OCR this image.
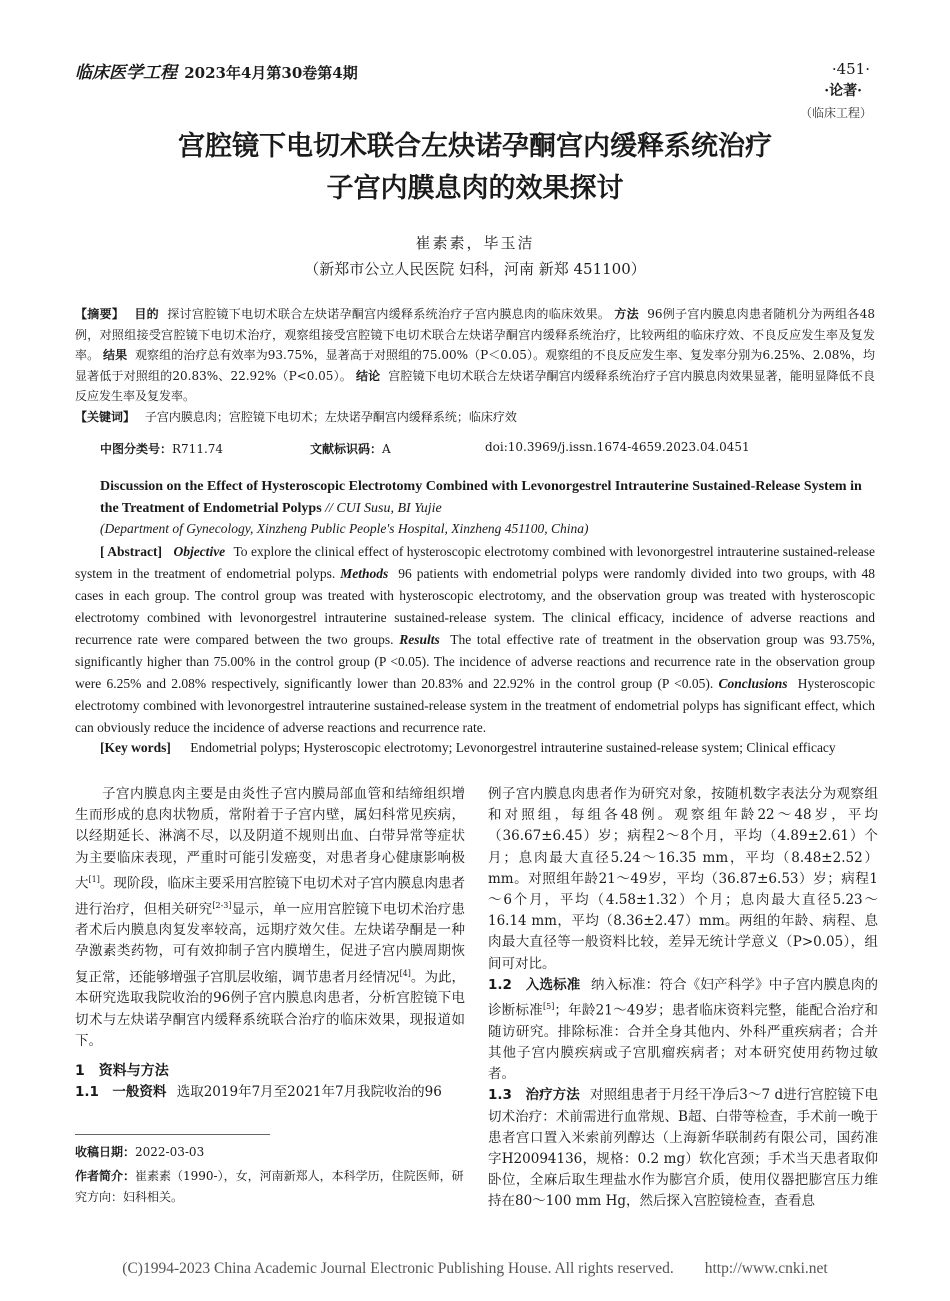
临床医学工程 2023年4月第30卷第4期	·451·
·论著·
（临床工程）
宫腔镜下电切术联合左炔诺孕酮宫内缓释系统治疗
子宫内膜息肉的效果探讨
崔素素，毕玉洁
（新郑市公立人民医院 妇科，河南 新郑 451100）
【摘要】 目的 探讨宫腔镜下电切术联合左炔诺孕酮宫内缓释系统治疗子宫内膜息肉的临床效果。 方法 96例子宫内膜息肉患者随机分为两组各48例，对照组接受宫腔镜下电切术治疗，观察组接受宫腔镜下电切术联合左炔诺孕酮宫内缓释系统治疗，比较两组的临床疗效、不良反应发生率及复发率。 结果 观察组的治疗总有效率为93.75%，显著高于对照组的75.00%（P＜0.05）。观察组的不良反应发生率、复发率分别为6.25%、2.08%，均显著低于对照组的20.83%、22.92%（P<0.05）。 结论 宫腔镜下电切术联合左炔诺孕酮宫内缓释系统治疗子宫内膜息肉效果显著，能明显降低不良反应发生率及复发率。
【关键词】 子宫内膜息肉；宫腔镜下电切术；左炔诺孕酮宫内缓释系统；临床疗效
中图分类号：R711.74	文献标识码：A	doi:10.3969/j.issn.1674-4659.2023.04.0451
Discussion on the Effect of Hysteroscopic Electrotomy Combined with Levonorgestrel Intrauterine Sustained-Release System in the Treatment of Endometrial Polyps // CUI Susu, BI Yujie
(Department of Gynecology, Xinzheng Public People's Hospital, Xinzheng 451100, China)
[ Abstract] Objective To explore the clinical effect of hysteroscopic electrotomy combined with levonorgestrel intrauterine sustained-release system in the treatment of endometrial polyps. Methods 96 patients with endometrial polyps were randomly divided into two groups, with 48 cases in each group. The control group was treated with hysteroscopic electrotomy, and the observation group was treated with hysteroscopic electrotomy combined with levonorgestrel intrauterine sustained-release system. The clinical efficacy, incidence of adverse reactions and recurrence rate were compared between the two groups. Results The total effective rate of treatment in the observation group was 93.75%, significantly higher than 75.00% in the control group (P <0.05). The incidence of adverse reactions and recurrence rate in the observation group were 6.25% and 2.08% respectively, significantly lower than 20.83% and 22.92% in the control group (P <0.05). Conclusions Hysteroscopic electrotomy combined with levonorgestrel intrauterine sustained-release system in the treatment of endometrial polyps has significant effect, which can obviously reduce the incidence of adverse reactions and recurrence rate.
[Key words] Endometrial polyps; Hysteroscopic electrotomy; Levonorgestrel intrauterine sustained-release system; Clinical efficacy

子宫内膜息肉主要是由炎性子宫内膜局部血管和结缔组织增生而形成的息肉状物质，常附着于子宫内壁，属妇科常见疾病，以经期延长、淋漓不尽，以及阴道不规则出血、白带异常等症状为主要临床表现，严重时可能引发癌变，对患者身心健康影响极大[1]。现阶段，临床主要采用宫腔镜下电切术对子宫内膜息肉患者进行治疗，但相关研究[2-3]显示，单一应用宫腔镜下电切术治疗患者术后内膜息肉复发率较高，远期疗效欠佳。左炔诺孕酮是一种孕激素类药物，可有效抑制子宫内膜增生，促进子宫内膜周期恢复正常，还能够增强子宫肌层收缩，调节患者月经情况[4]。为此，本研究选取我院收治的96例子宫内膜息肉患者，分析宫腔镜下电切术与左炔诺孕酮宫内缓释系统联合治疗的临床效果，现报道如下。

1　资料与方法

1.1　一般资料 选取2019年7月至2021年7月我院收治的96

收稿日期：2022-03-03
作者简介：崔素素（1990-），女，河南新郑人，本科学历，住院医师，研究方向：妇科相关。

例子宫内膜息肉患者作为研究对象，按随机数字表法分为观察组和对照组，每组各48例。观察组年龄22～48岁，平均（36.67±6.45）岁；病程2～8个月，平均（4.89±2.61）个月；息肉最大直径5.24～16.35 mm，平均（8.48±2.52）mm。对照组年龄21～49岁，平均（36.87±6.53）岁；病程1～6个月，平均（4.58±1.32）个月；息肉最大直径5.23～16.14 mm，平均（8.36±2.47）mm。两组的年龄、病程、息肉最大直径等一般资料比较，差异无统计学意义（P>0.05），组间可对比。

1.2　入选标准 纳入标准：符合《妇产科学》中子宫内膜息肉的诊断标准[5]；年龄21～49岁；患者临床资料完整，能配合治疗和随访研究。排除标准：合并全身其他内、外科严重疾病者；合并其他子宫内膜疾病或子宫肌瘤疾病者；对本研究使用药物过敏者。

1.3　治疗方法 对照组患者于月经干净后3～7 d进行宫腔镜下电切术治疗：术前需进行血常规、B超、白带等检查，手术前一晚于患者宫口置入米索前列醇达（上海新华联制药有限公司，国药准字H20094136，规格：0.2 mg）软化宫颈；手术当天患者取仰卧位，全麻后取生理盐水作为膨宫介质，使用仪器把膨宫压力维持在80～100 mm Hg，然后探入宫腔镜检查，查看息

(C)1994-2023 China Academic Journal Electronic Publishing House. All rights reserved.　　http://www.cnki.net
